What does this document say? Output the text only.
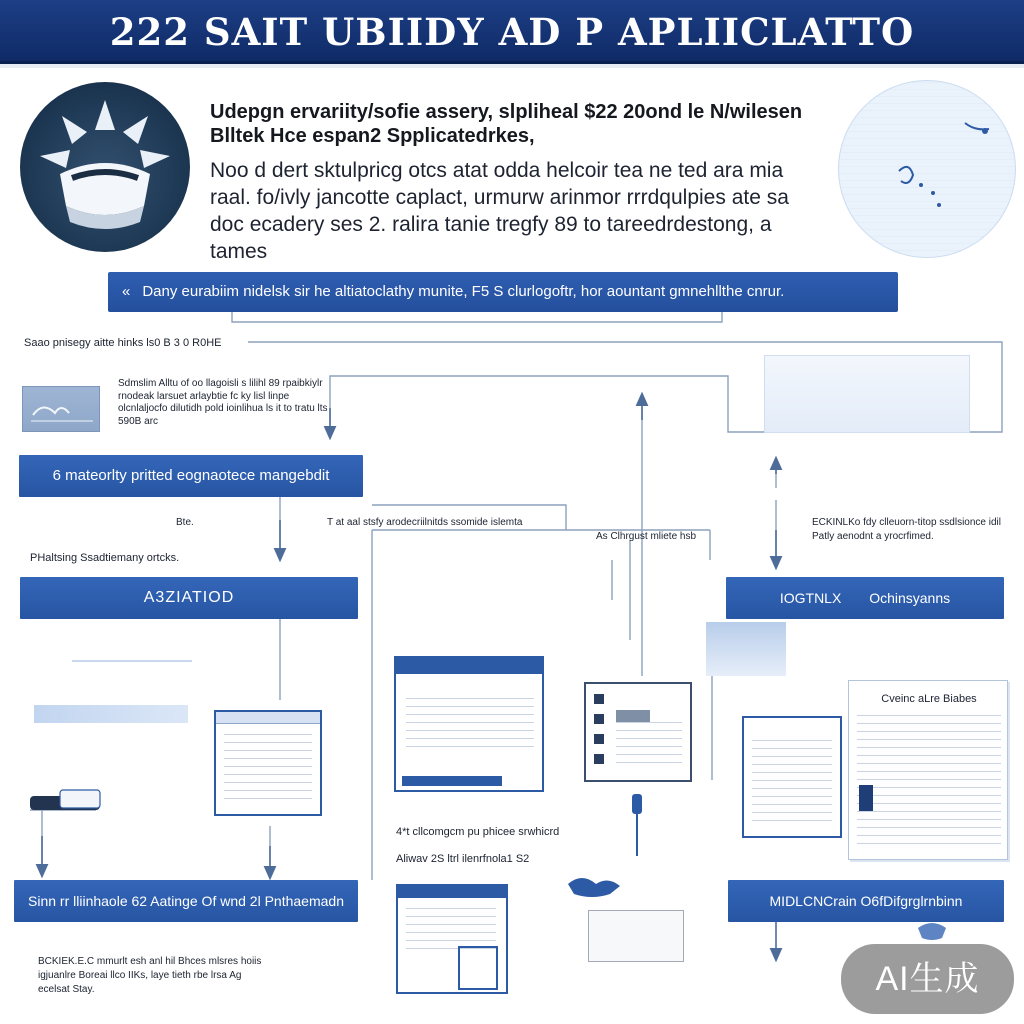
222 SAIT UBIIDY AD P APLIICLATTO
Udepgn ervariity/sofie assery, slpliheal $22 20ond le N/wilesen Blltek Hce espan2 Spplicatedrkes,
Noo d dert sktulpricg otcs atat odda helcoir tea ne ted ara mia raal. fo/ivly jancotte caplact, urmurw arinmor rrrdqulpies ate sa doc ecadery ses 2. ralira tanie tregfy 89 to tareedrdestong, a tames
« Dany eurabiim nidelsk sir he altiatoclathy munite, F5 S clurlogoftr, hor aountant gmnehllthe cnrur.
Saao pnisegy aitte hinks ls0 B 3 0 R0HE
Sdmslim Alltu of oo llagoisli s lilihl 89 rpaibkiylr rnodeak larsuet arlaybtie fc ky lisl linpe olcnlaljocfo dilutidh pold ioinlihua ls it to tratu lts 590B arc
6 mateorlty pritted eognaotece mangebdit
Bte.	T at aal stsfy arodecriilnitds ssomide islemta
As Clhrgust mliete hsb
ECKINLKo fdy clleuorn-titop ssdlsionce idil Patly aenodnt a yrocrfimed.
PHaltsing Ssadtiemany ortcks.
A3ZIATIOD	IOGTNLX Ochinsyanns
Cveinc aLre Biabes
4*t cllcomgcm pu phicee srwhicrd
Aliwav 2S ltrl ilenrfnola1 S2
Sinn rr lliinhaole 62 Aatinge Of wnd 2l Pnthaemadn	MIDLCNCrain O6fDifgrglrnbinn
BCKIEK.E.C mmurlt esh anl hil Bhces mlsres hoiis igjuanlre Boreai llco IIKs, laye tieth rbe lrsa Ag ecelsat Stay.	AI生成
